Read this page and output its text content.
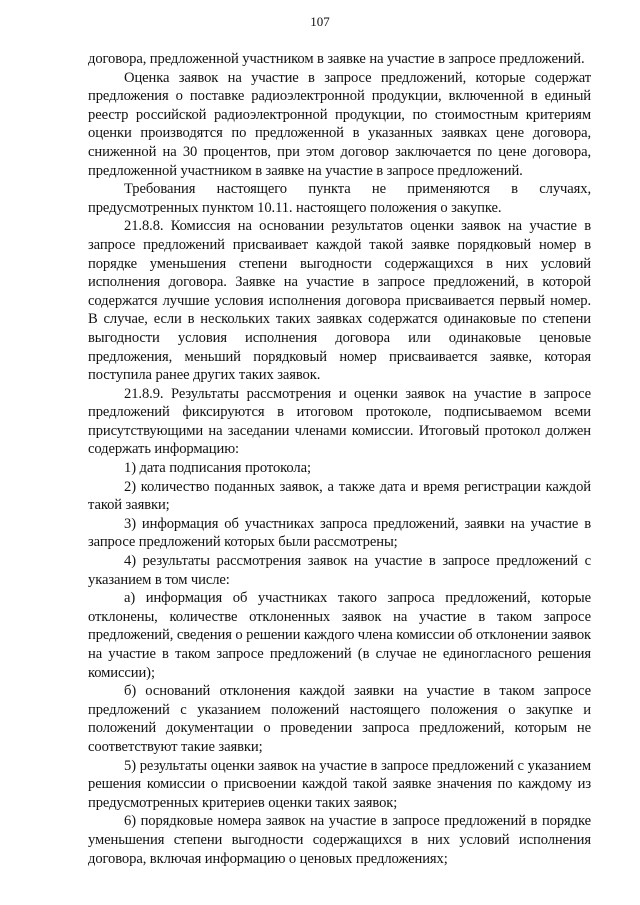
107

договора, предложенной участником в заявке на участие в запросе предложений.

Оценка заявок на участие в запросе предложений, которые содержат предложения о поставке радиоэлектронной продукции, включенной в единый реестр российской радиоэлектронной продукции, по стоимостным критериям оценки производятся по предложенной в указанных заявках цене договора, сниженной на 30 процентов, при этом договор заключается по цене договора, предложенной участником в заявке на участие в запросе предложений.

Требования настоящего пункта не применяются в случаях, предусмотренных пунктом 10.11. настоящего положения о закупке.

21.8.8. Комиссия на основании результатов оценки заявок на участие в запросе предложений присваивает каждой такой заявке порядковый номер в порядке уменьшения степени выгодности содержащихся в них условий исполнения договора. Заявке на участие в запросе предложений, в которой содержатся лучшие условия исполнения договора присваивается первый номер. В случае, если в нескольких таких заявках содержатся одинаковые по степени выгодности условия исполнения договора или одинаковые ценовые предложения, меньший порядковый номер присваивается заявке, которая поступила ранее других таких заявок.

21.8.9. Результаты рассмотрения и оценки заявок на участие в запросе предложений фиксируются в итоговом протоколе, подписываемом всеми присутствующими на заседании членами комиссии. Итоговый протокол должен содержать информацию:

1) дата подписания протокола;

2) количество поданных заявок, а также дата и время регистрации каждой такой заявки;

3) информация об участниках запроса предложений, заявки на участие в запросе предложений которых были рассмотрены;

4) результаты рассмотрения заявок на участие в запросе предложений с указанием в том числе:

а) информация об участниках такого запроса предложений, которые отклонены, количестве отклоненных заявок на участие в таком запросе предложений, сведения о решении каждого члена комиссии об отклонении заявок на участие в таком запросе предложений (в случае не единогласного решения комиссии);

б) оснований отклонения каждой заявки на участие в таком запросе предложений с указанием положений настоящего положения о закупке и положений документации о проведении запроса предложений, которым не соответствуют такие заявки;

5) результаты оценки заявок на участие в запросе предложений с указанием решения комиссии о присвоении каждой такой заявке значения по каждому из предусмотренных критериев оценки таких заявок;

6) порядковые номера заявок на участие в запросе предложений в порядке уменьшения степени выгодности содержащихся в них условий исполнения договора, включая информацию о ценовых предложениях;
